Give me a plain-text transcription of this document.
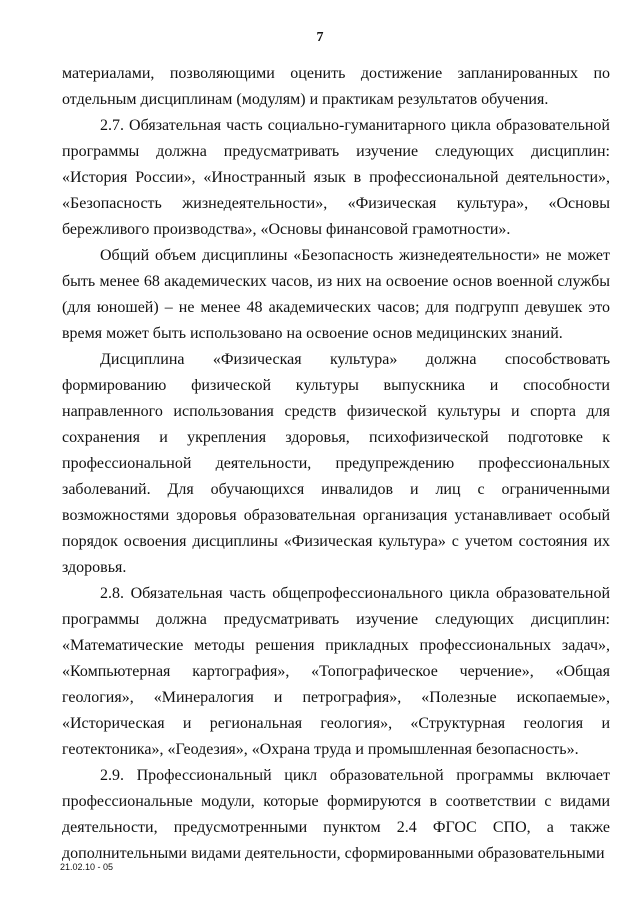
7

материалами, позволяющими оценить достижение запланированных по отдельным дисциплинам (модулям) и практикам результатов обучения.

2.7. Обязательная часть социально-гуманитарного цикла образовательной программы должна предусматривать изучение следующих дисциплин: «История России», «Иностранный язык в профессиональной деятельности», «Безопасность жизнедеятельности», «Физическая культура», «Основы бережливого производства», «Основы финансовой грамотности».

Общий объем дисциплины «Безопасность жизнедеятельности» не может быть менее 68 академических часов, из них на освоение основ военной службы (для юношей) – не менее 48 академических часов; для подгрупп девушек это время может быть использовано на освоение основ медицинских знаний.

Дисциплина «Физическая культура» должна способствовать формированию физической культуры выпускника и способности направленного использования средств физической культуры и спорта для сохранения и укрепления здоровья, психофизической подготовке к профессиональной деятельности, предупреждению профессиональных заболеваний. Для обучающихся инвалидов и лиц с ограниченными возможностями здоровья образовательная организация устанавливает особый порядок освоения дисциплины «Физическая культура» с учетом состояния их здоровья.

2.8. Обязательная часть общепрофессионального цикла образовательной программы должна предусматривать изучение следующих дисциплин: «Математические методы решения прикладных профессиональных задач», «Компьютерная картография», «Топографическое черчение», «Общая геология», «Минералогия и петрография», «Полезные ископаемые», «Историческая и региональная геология», «Структурная геология и геотектоника», «Геодезия», «Охрана труда и промышленная безопасность».

2.9. Профессиональный цикл образовательной программы включает профессиональные модули, которые формируются в соответствии с видами деятельности, предусмотренными пунктом 2.4 ФГОС СПО, а также дополнительными видами деятельности, сформированными образовательными

21.02.10 - 05
